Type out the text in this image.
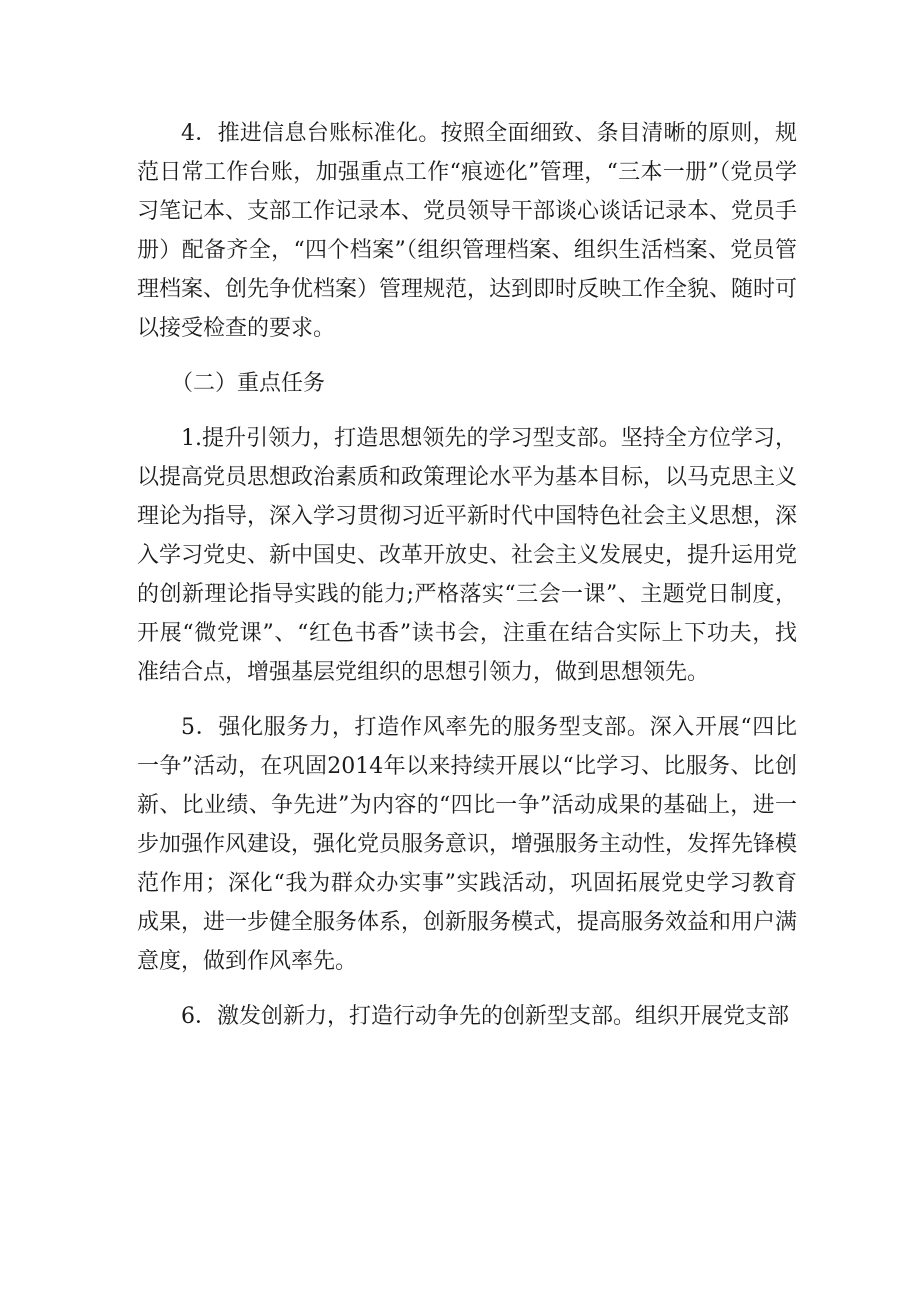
4．推进信息台账标准化。按照全面细致、条目清晰的原则，规范日常工作台账，加强重点工作“痕迹化”管理，“三本一册”（党员学习笔记本、支部工作记录本、党员领导干部谈心谈话记录本、党员手册）配备齐全，“四个档案”（组织管理档案、组织生活档案、党员管理档案、创先争优档案）管理规范，达到即时反映工作全貌、随时可以接受检查的要求。

（二）重点任务

1.提升引领力，打造思想领先的学习型支部。坚持全方位学习，以提高党员思想政治素质和政策理论水平为基本目标，以马克思主义理论为指导，深入学习贯彻习近平新时代中国特色社会主义思想，深入学习党史、新中国史、改革开放史、社会主义发展史，提升运用党的创新理论指导实践的能力;严格落实“三会一课”、主题党日制度，开展“微党课”、“红色书香”读书会，注重在结合实际上下功夫，找准结合点，增强基层党组织的思想引领力，做到思想领先。

5．强化服务力，打造作风率先的服务型支部。深入开展“四比一争”活动，在巩固2014年以来持续开展以“比学习、比服务、比创新、比业绩、争先进”为内容的“四比一争”活动成果的基础上，进一步加强作风建设，强化党员服务意识，增强服务主动性，发挥先锋模范作用；深化“我为群众办实事”实践活动，巩固拓展党史学习教育成果，进一步健全服务体系，创新服务模式，提高服务效益和用户满意度，做到作风率先。

6．激发创新力，打造行动争先的创新型支部。组织开展党支部
